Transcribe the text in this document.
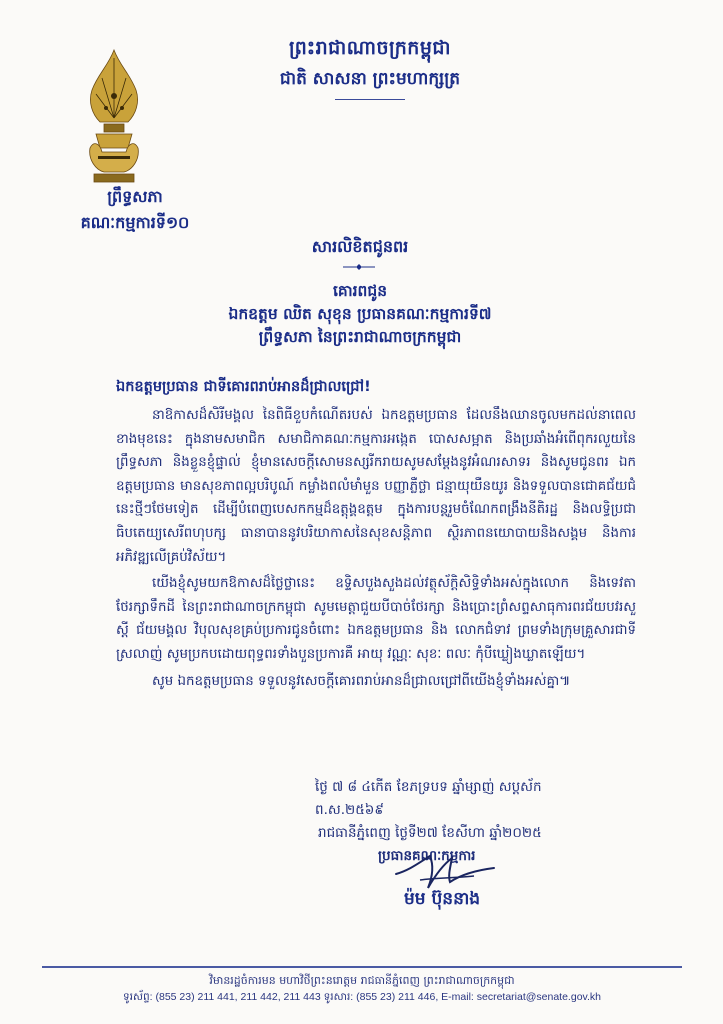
ព្រះរាជាណាចក្រកម្ពុជា
ជាតិ សាសនា ព្រះមហាក្សត្រ
ព្រឹទ្ធសភា
គណៈកម្មការទី១០
សារលិខិតជូនពរ
គោរពជូន
ឯកឧត្តម ឈិត សុខុន ប្រធានគណៈកម្មការទី៧
ព្រឹទ្ធសភា នៃព្រះរាជាណាចក្រកម្ពុជា
ឯកឧត្តមប្រធាន ជាទីគោរពរាប់អានដ៏ជ្រាលជ្រៅ!

នាឱកាសដ៏សិរីមង្គល នៃពិធីខួបកំណើតរបស់ ឯកឧត្តមប្រធាន ដែលនឹងឈានចូលមកដល់នាពេលខាងមុខនេះ ក្នុងនាមសមាជិក សមាជិកាគណៈកម្មការអង្កេត បោសសម្អាត និងប្រឆាំងអំពើពុករលួយនៃព្រឹទ្ធសភា និងខ្លួនខ្ញុំផ្ទាល់ ខ្ញុំមានសេចក្តីសោមនស្សរីករាយសូមសម្តែងនូវអំណរសាទរ និងសូមជូនពរ ឯកឧត្តមប្រធាន មានសុខភាពល្អបរិបូណ៍ កម្លាំងពលំមាំមួន បញ្ញាភ្លឺថ្លា ជន្មាយុយឺនយូរ និងទទួលបានជោគជ័យជំនេះថ្មីៗថែមទៀត ដើម្បីបំពេញបេសកកម្មដ៏ឧត្តុង្គឧត្តម ក្នុងការបន្តរួមចំណែកពង្រឹងនីតិរដ្ឋ និងលទ្ធិប្រជាធិបតេយ្យសេរីពហុបក្ស ធានាបាននូវបរិយាកាសនៃសុខសន្តិភាព ស្ថិរភាពនយោបាយនិងសង្គម និងការអភិវឌ្ឍលើគ្រប់វិស័យ។

យើងខ្ញុំសូមយកឱកាសដ៏ថ្លៃថ្លានេះ ឧទ្ទិសបួងសួងដល់វត្ថុស័ក្តិសិទ្ធិទាំងអស់ក្នុងលោក និងទេវតាថែរក្សាទឹកដី នៃព្រះរាជាណាចក្រកម្ពុជា សូមមេត្តាជួយបីបាច់ថែរក្សា និងប្រោះព្រំសព្ទសាធុការពរជ័យបវរសួស្តី ជ័យមង្គល វិបុលសុខគ្រប់ប្រការជូនចំពោះ ឯកឧត្តមប្រធាន និង លោកជំទាវ ព្រមទាំងក្រុមគ្រួសារជាទីស្រលាញ់ សូមប្រកបដោយពុទ្ធពរទាំងបួនប្រការគឺ អាយុ វណ្ណៈ សុខៈ ពលៈ កុំបីឃ្លៀងឃ្លាតឡើយ។

សូម ឯកឧត្តមប្រធាន ទទួលនូវសេចក្តីគោរពរាប់អានដ៏ជ្រាលជ្រៅពីយើងខ្ញុំទាំងអស់គ្នា៕

ថ្ងៃ ៧ ៨ ៤កើត ខែភទ្របទ ឆ្នាំម្សាញ់ សប្តស័ក ព.ស.២៥៦៩
រាជធានីភ្នំពេញ ថ្ងៃទី២៧ ខែសីហា ឆ្នាំ២០២៥
ប្រធានគណៈកម្មការ
ម៉ម ប៊ុននាង
វិមានរដ្ឋចំការមន មហាវិថីព្រះនរោត្តម រាជធានីភ្នំពេញ ព្រះរាជាណាចក្រកម្ពុជា
ទូរស័ព្ទ: (855 23) 211 441, 211 442, 211 443 ទូរសារ: (855 23) 211 446, E-mail: secretariat@senate.gov.kh
